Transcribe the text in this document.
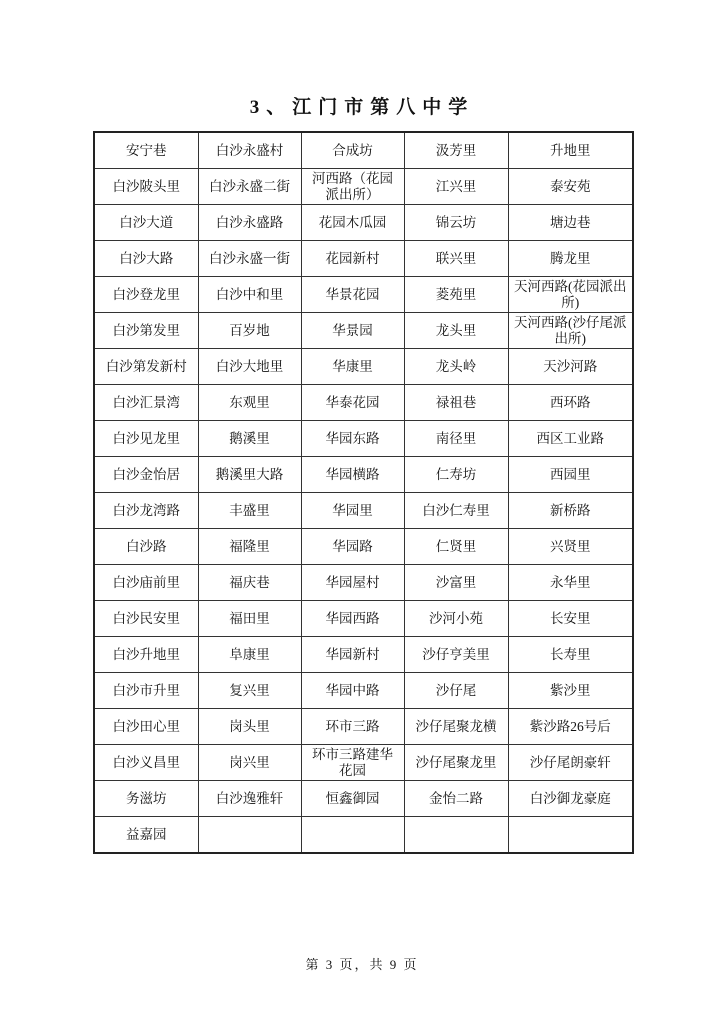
3、江门市第八中学
安宁巷	白沙永盛村	合成坊	汲芳里	升地里
白沙陂头里	白沙永盛二街	河西路（花园派出所）	江兴里	泰安苑
白沙大道	白沙永盛路	花园木瓜园	锦云坊	塘边巷
白沙大路	白沙永盛一街	花园新村	联兴里	腾龙里
白沙登龙里	白沙中和里	华景花园	菱苑里	天河西路(花园派出所)
白沙第发里	百岁地	华景园	龙头里	天河西路(沙仔尾派出所)
白沙第发新村	白沙大地里	华康里	龙头岭	天沙河路
白沙汇景湾	东观里	华泰花园	禄祖巷	西环路
白沙见龙里	鹅溪里	华园东路	南径里	西区工业路
白沙金怡居	鹅溪里大路	华园横路	仁寿坊	西园里
白沙龙湾路	丰盛里	华园里	白沙仁寿里	新桥路
白沙路	福隆里	华园路	仁贤里	兴贤里
白沙庙前里	福庆巷	华园屋村	沙富里	永华里
白沙民安里	福田里	华园西路	沙河小苑	长安里
白沙升地里	阜康里	华园新村	沙仔亨美里	长寿里
白沙市升里	复兴里	华园中路	沙仔尾	紫沙里
白沙田心里	岗头里	环市三路	沙仔尾聚龙横	紫沙路26号后
白沙义昌里	岗兴里	环市三路建华花园	沙仔尾聚龙里	沙仔尾朗豪轩
务滋坊	白沙逸雅轩	恒鑫御园	金怡二路	白沙御龙豪庭
益嘉园				
第 3 页，共 9 页
